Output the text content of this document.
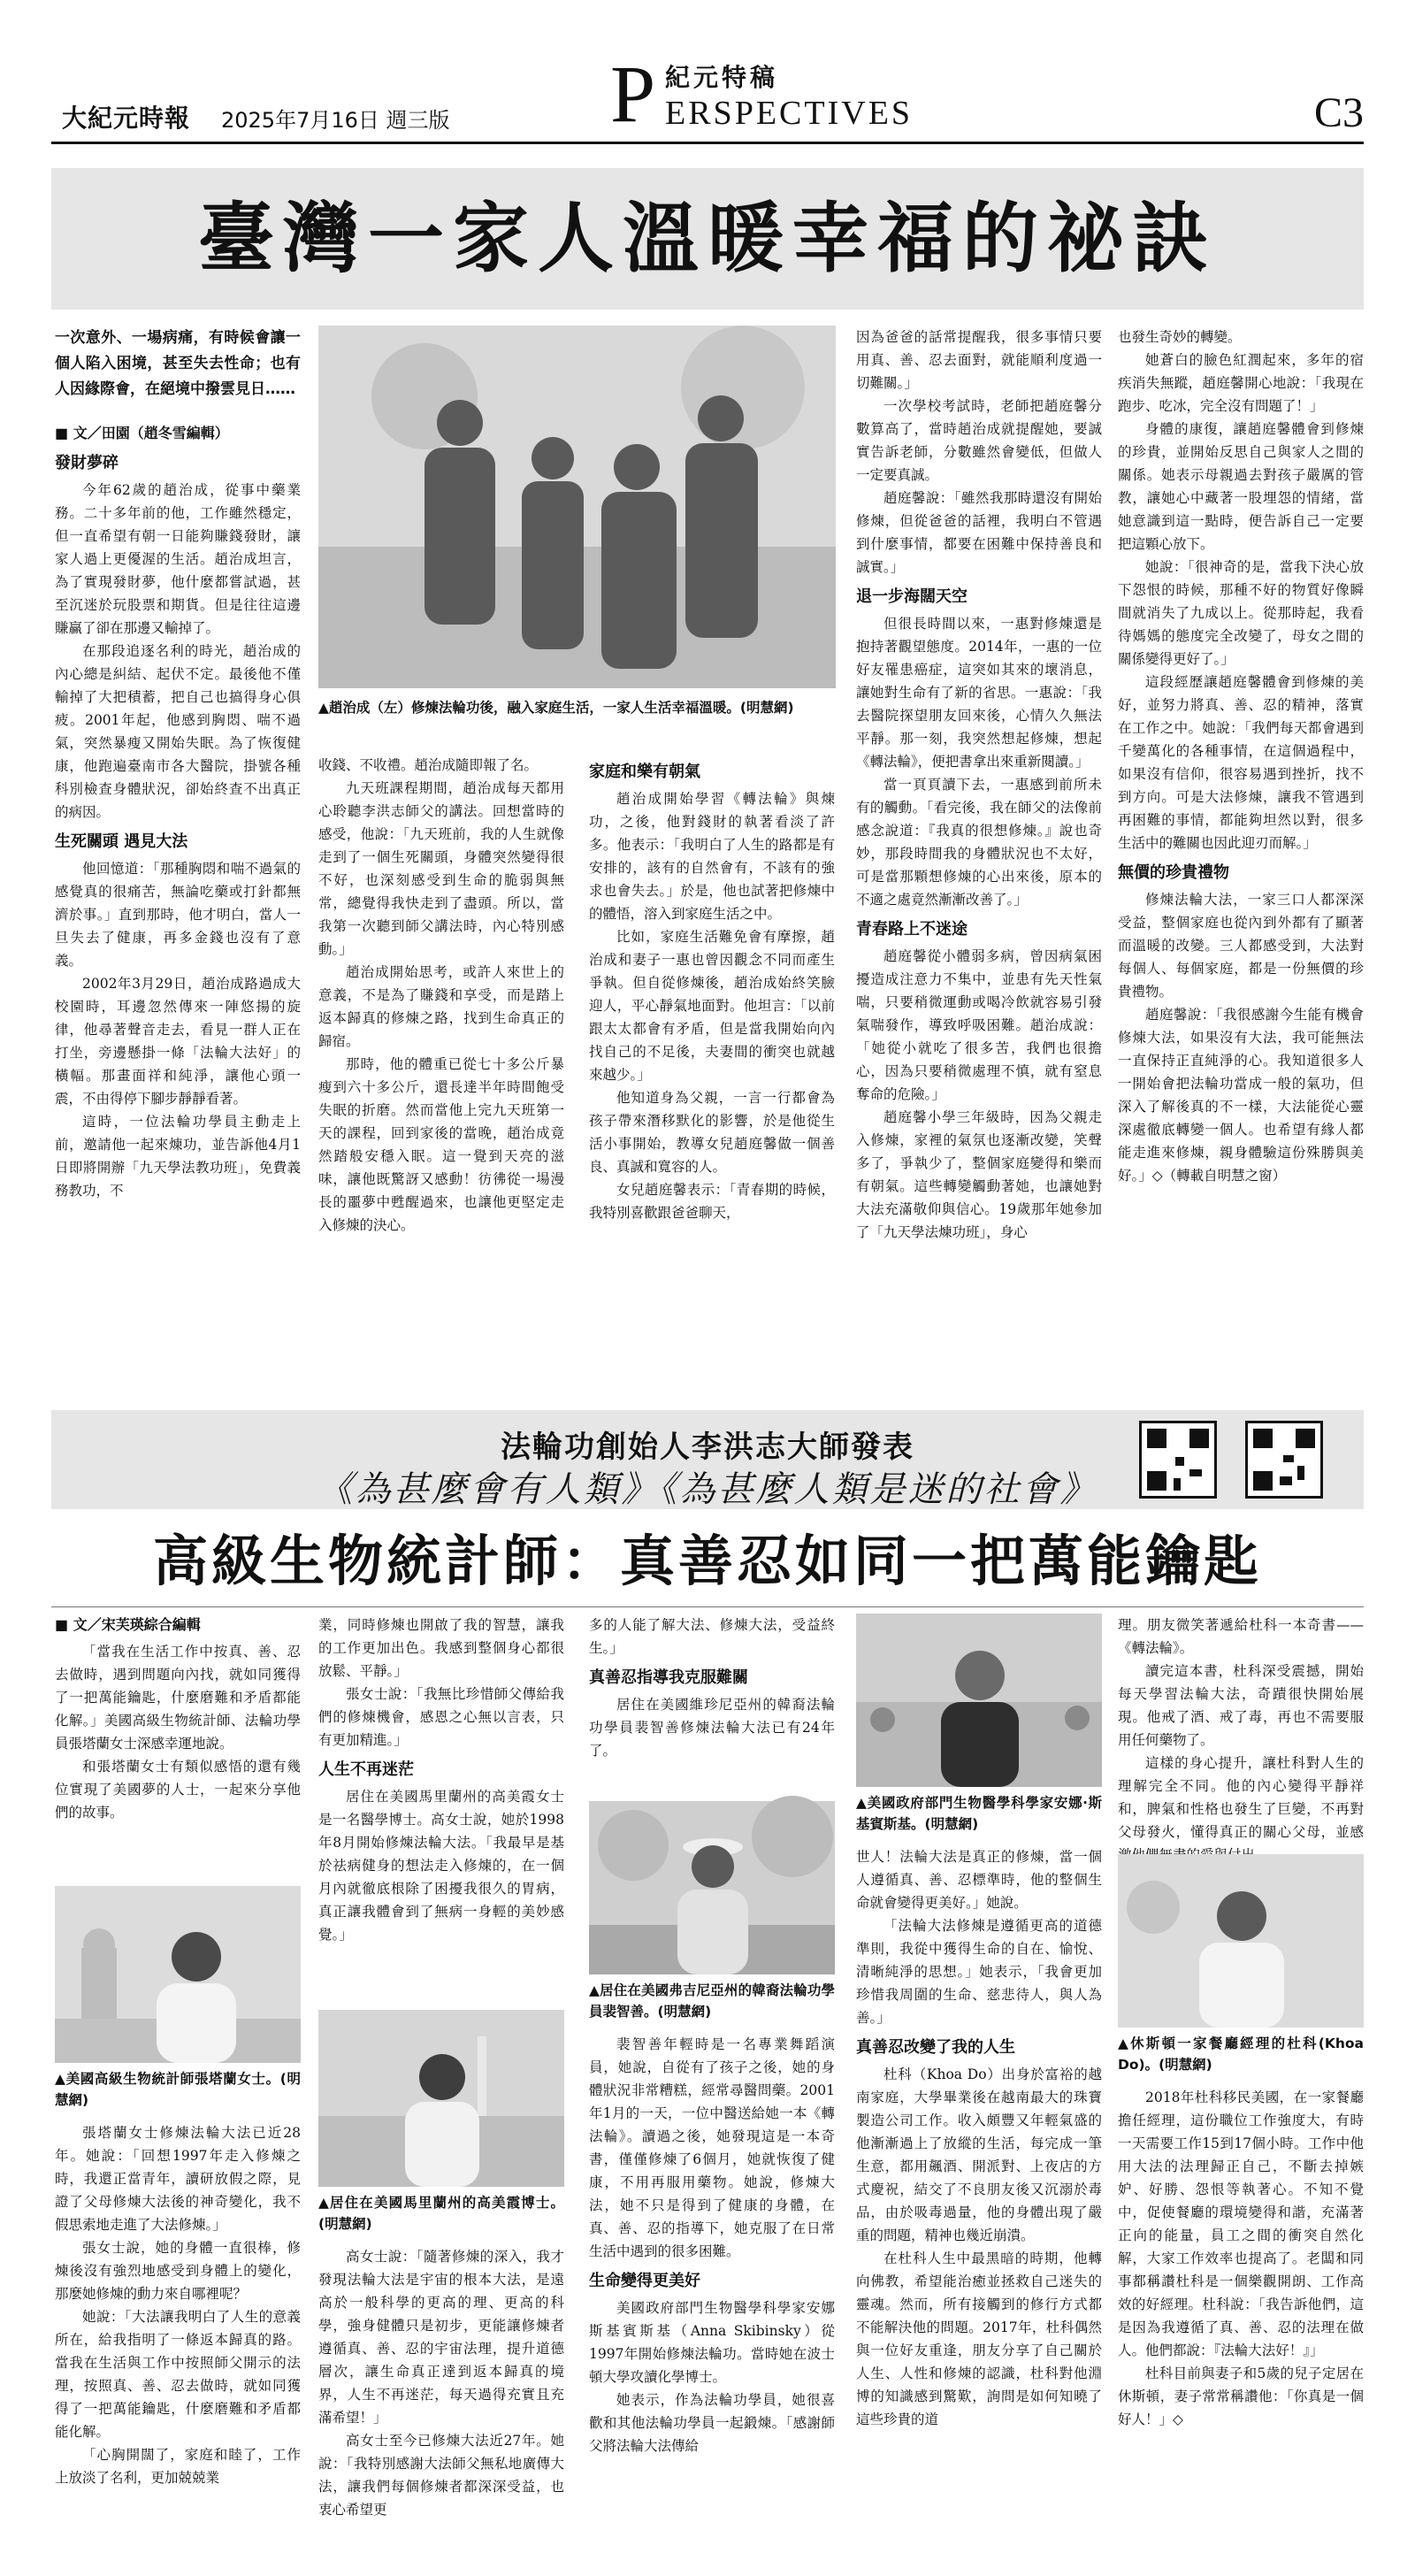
大紀元時報 2025年7月16日 週三版 P 紀元特稿
ERSPECTIVES	C3
臺灣一家人溫暖幸福的祕訣
一次意外、一場病痛，有時候會讓一個人陷入困境，甚至失去性命；也有人因緣際會，在絕境中撥雲見日……
■ 文／田園（趙冬雪編輯）
發財夢碎

今年62歲的趙治成，從事中藥業務。二十多年前的他，工作雖然穩定，但一直希望有朝一日能夠賺錢發財，讓家人過上更優渥的生活。趙治成坦言，為了實現發財夢，他什麼都嘗試過，甚至沉迷於玩股票和期貨。但是往往這邊賺贏了卻在那邊又輸掉了。

在那段追逐名利的時光，趙治成的內心總是糾結、起伏不定。最後他不僅輸掉了大把積蓄，把自己也搞得身心俱疲。2001年起，他感到胸悶、喘不過氣，突然暴瘦又開始失眠。為了恢復健康，他跑遍臺南市各大醫院，掛號各種科別檢查身體狀況，卻始終查不出真正的病因。

生死關頭 遇見大法

他回憶道：「那種胸悶和喘不過氣的感覺真的很痛苦，無論吃藥或打針都無濟於事。」直到那時，他才明白，當人一旦失去了健康，再多金錢也沒有了意義。

2002年3月29日，趙治成路過成大校園時，耳邊忽然傳來一陣悠揚的旋律，他尋著聲音走去，看見一群人正在打坐，旁邊懸掛一條「法輪大法好」的橫幅。那畫面祥和純淨，讓他心頭一震，不由得停下腳步靜靜看著。

這時，一位法輪功學員主動走上前，邀請他一起來煉功，並告訴他4月1日即將開辦「九天學法教功班」，免費義務教功，不

▲趙治成（左）修煉法輪功後，融入家庭生活，一家人生活幸福溫暖。(明慧網)

收錢、不收禮。趙治成隨即報了名。

九天班課程期間，趙治成每天都用心聆聽李洪志師父的講法。回想當時的感受，他說：「九天班前，我的人生就像走到了一個生死關頭，身體突然變得很不好，也深刻感受到生命的脆弱與無常，總覺得我快走到了盡頭。所以，當我第一次聽到師父講法時，內心特別感動。」

趙治成開始思考，或許人來世上的意義，不是為了賺錢和享受，而是踏上返本歸真的修煉之路，找到生命真正的歸宿。

那時，他的體重已從七十多公斤暴瘦到六十多公斤，還長達半年時間飽受失眠的折磨。然而當他上完九天班第一天的課程，回到家後的當晚，趙治成竟然踏般安穩入眠。這一覺到天亮的滋味，讓他既驚訝又感動！彷彿從一場漫長的噩夢中甦醒過來，也讓他更堅定走入修煉的決心。

家庭和樂有朝氣

趙治成開始學習《轉法輪》與煉功，之後，他對錢財的執著看淡了許多。他表示：「我明白了人生的路都是有安排的，該有的自然會有，不該有的強求也會失去。」於是，他也試著把修煉中的體悟，溶入到家庭生活之中。

比如，家庭生活難免會有摩擦，趙治成和妻子一惠也曾因觀念不同而產生爭執。但自從修煉後，趙治成始終笑臉迎人，平心靜氣地面對。他坦言：「以前跟太太都會有矛盾，但是當我開始向內找自己的不足後，夫妻間的衝突也就越來越少。」

他知道身為父親，一言一行都會為孩子帶來潛移默化的影響，於是他從生活小事開始，教導女兒趙庭馨做一個善良、真誠和寬容的人。

女兒趙庭馨表示：「青春期的時候，我特別喜歡跟爸爸聊天，

因為爸爸的話常提醒我，很多事情只要用真、善、忍去面對，就能順利度過一切難關。」

一次學校考試時，老師把趙庭馨分數算高了，當時趙治成就提醒她，要誠實告訴老師，分數雖然會變低，但做人一定要真誠。

趙庭馨說：「雖然我那時還沒有開始修煉，但從爸爸的話裡，我明白不管遇到什麼事情，都要在困難中保持善良和誠實。」

退一步海闊天空

但很長時間以來，一惠對修煉還是抱持著觀望態度。2014年，一惠的一位好友罹患癌症，這突如其來的壞消息，讓她對生命有了新的省思。一惠說：「我去醫院探望朋友回來後，心情久久無法平靜。那一刻，我突然想起修煉，想起《轉法輪》，便把書拿出來重新閱讀。」

當一頁頁讀下去，一惠感到前所未有的觸動。「看完後，我在師父的法像前感念說道：『我真的很想修煉。』說也奇妙，那段時間我的身體狀況也不太好，可是當那顆想修煉的心出來後，原本的不適之處竟然漸漸改善了。」

青春路上不迷途

趙庭馨從小體弱多病，曾因病氣困擾造成注意力不集中，並患有先天性氣喘，只要稍微運動或喝冷飲就容易引發氣喘發作，導致呼吸困難。趙治成說：「她從小就吃了很多苦，我們也很擔心，因為只要稍微處理不慎，就有窒息奪命的危險。」

趙庭馨小學三年級時，因為父親走入修煉，家裡的氣氛也逐漸改變，笑聲多了，爭執少了，整個家庭變得和樂而有朝氣。這些轉變觸動著她，也讓她對大法充滿敬仰與信心。19歲那年她參加了「九天學法煉功班」，身心

也發生奇妙的轉變。

她蒼白的臉色紅潤起來，多年的宿疾消失無蹤，趙庭馨開心地說：「我現在跑步、吃冰，完全沒有問題了！」

身體的康復，讓趙庭馨體會到修煉的珍貴，並開始反思自己與家人之間的關係。她表示母親過去對孩子嚴厲的管教，讓她心中藏著一股埋怨的情緒，當她意識到這一點時，便告訴自己一定要把這顆心放下。

她說：「很神奇的是，當我下決心放下怨恨的時候，那種不好的物質好像瞬間就消失了九成以上。從那時起，我看待媽媽的態度完全改變了，母女之間的關係變得更好了。」

這段經歷讓趙庭馨體會到修煉的美好，並努力將真、善、忍的精神，落實在工作之中。她說：「我們每天都會遇到千變萬化的各種事情，在這個過程中，如果沒有信仰，很容易遇到挫折，找不到方向。可是大法修煉，讓我不管遇到再困難的事情，都能夠坦然以對，很多生活中的難關也因此迎刃而解。」

無價的珍貴禮物

修煉法輪大法，一家三口人都深深受益，整個家庭也從內到外都有了顯著而溫暖的改變。三人都感受到，大法對每個人、每個家庭，都是一份無價的珍貴禮物。

趙庭馨說：「我很感謝今生能有機會修煉大法，如果沒有大法，我可能無法一直保持正直純淨的心。我知道很多人一開始會把法輪功當成一般的氣功，但深入了解後真的不一樣，大法能從心靈深處徹底轉變一個人。也希望有緣人都能走進來修煉，親身體驗這份殊勝與美好。」◇（轉載自明慧之窗）

法輪功創始人李洪志大師發表
《為甚麼會有人類》《為甚麼人類是迷的社會》
高級生物統計師：真善忍如同一把萬能鑰匙
■ 文／宋芙瑛綜合編輯

「當我在生活工作中按真、善、忍去做時，遇到問題向內找，就如同獲得了一把萬能鑰匙，什麼磨難和矛盾都能化解。」美國高級生物統計師、法輪功學員張塔蘭女士深感幸運地說。

和張塔蘭女士有類似感悟的還有幾位實現了美國夢的人士，一起來分享他們的故事。

▲美國高級生物統計師張塔蘭女士。(明慧網)

張塔蘭女士修煉法輪大法已近28年。她說：「回想1997年走入修煉之時，我還正當青年，讀研放假之際，見證了父母修煉大法後的神奇變化，我不假思索地走進了大法修煉。」

張女士說，她的身體一直很棒，修煉後沒有強烈地感受到身體上的變化，那麼她修煉的動力來自哪裡呢？

她說：「大法讓我明白了人生的意義所在，給我指明了一條返本歸真的路。當我在生活與工作中按照師父開示的法理，按照真、善、忍去做時，就如同獲得了一把萬能鑰匙，什麼磨難和矛盾都能化解。

「心胸開闊了，家庭和睦了，工作上放淡了名利，更加兢兢業

業，同時修煉也開啟了我的智慧，讓我的工作更加出色。我感到整個身心都很放鬆、平靜。」

張女士說：「我無比珍惜師父傳給我們的修煉機會，感恩之心無以言表，只有更加精進。」

人生不再迷茫

居住在美國馬里蘭州的高美霞女士是一名醫學博士。高女士說，她於1998年8月開始修煉法輪大法。「我最早是基於祛病健身的想法走入修煉的，在一個月內就徹底根除了困擾我很久的胃病，真正讓我體會到了無病一身輕的美妙感覺。」

▲居住在美國馬里蘭州的高美霞博士。(明慧網)

高女士說：「隨著修煉的深入，我才發現法輪大法是宇宙的根本大法，是遠高於一般科學的更高的理、更高的科學，強身健體只是初步，更能讓修煉者遵循真、善、忍的宇宙法理，提升道德層次，讓生命真正達到返本歸真的境界，人生不再迷茫，每天過得充實且充滿希望！」

高女士至今已修煉大法近27年。她說：「我特別感謝大法師父無私地廣傳大法，讓我們每個修煉者都深深受益，也衷心希望更

多的人能了解大法、修煉大法，受益終生。」

真善忍指導我克服難關

居住在美國維珍尼亞州的韓裔法輪功學員裴智善修煉法輪大法已有24年了。

▲居住在美國弗吉尼亞州的韓裔法輪功學員裴智善。(明慧網)

裴智善年輕時是一名專業舞蹈演員，她說，自從有了孩子之後，她的身體狀況非常糟糕，經常尋醫問藥。2001年1月的一天，一位中醫送給她一本《轉法輪》。讀過之後，她發現這是一本奇書，僅僅修煉了6個月，她就恢復了健康，不用再服用藥物。她說，修煉大法，她不只是得到了健康的身體，在真、善、忍的指導下，她克服了在日常生活中遇到的很多困難。

生命變得更美好

美國政府部門生物醫學科學家安娜斯基賓斯基（Anna Skibinsky）從1997年開始修煉法輪功。當時她在波士頓大學攻讀化學博士。

她表示，作為法輪功學員，她很喜歡和其他法輪功學員一起鍛煉。「感謝師父將法輪大法傳給

▲美國政府部門生物醫學科學家安娜‧斯基賓斯基。(明慧網)

世人！法輪大法是真正的修煉，當一個人遵循真、善、忍標準時，他的整個生命就會變得更美好。」她說。

「法輪大法修煉是遵循更高的道德準則，我從中獲得生命的自在、愉悅、清晰純淨的思想。」她表示，「我會更加珍惜我周圍的生命、慈悲待人，與人為善。」

真善忍改變了我的人生

杜科（Khoa Do）出身於富裕的越南家庭，大學畢業後在越南最大的珠寶製造公司工作。收入頗豐又年輕氣盛的他漸漸過上了放縱的生活，每完成一筆生意，都用飆酒、開派對、上夜店的方式慶祝，結交了不良朋友後又沉溺於毒品，由於吸毒過量，他的身體出現了嚴重的問題，精神也幾近崩潰。

在杜科人生中最黑暗的時期，他轉向佛教，希望能治癒並拯救自己迷失的靈魂。然而，所有接觸到的修行方式都不能解決他的問題。2017年，杜科偶然與一位好友重逢，朋友分享了自己關於人生、人性和修煉的認識，杜科對他淵博的知識感到驚歎，詢問是如何知曉了這些珍貴的道

理。朋友微笑著遞給杜科一本奇書——《轉法輪》。

讀完這本書，杜科深受震撼，開始每天學習法輪大法，奇蹟很快開始展現。他戒了酒、戒了毒，再也不需要服用任何藥物了。

這樣的身心提升，讓杜科對人生的理解完全不同。他的內心變得平靜祥和，脾氣和性格也發生了巨變，不再對父母發火，懂得真正的關心父母，並感

▲休斯頓一家餐廳經理的杜科(Khoa Do)。(明慧網)

2018年杜科移民美國，在一家餐廳擔任經理，這份職位工作強度大，有時一天需要工作15到17個小時。工作中他用大法的法理歸正自己，不斷去掉嫉妒、好勝、怨恨等執著心。不知不覺中，促使餐廳的環境變得和諧，充滿著正向的能量，員工之間的衝突自然化解，大家工作效率也提高了。老闆和同事都稱讚杜科是一個樂觀開朗、工作高效的好經理。杜科說：「我告訴他們，這是因為我遵循了真、善、忍的法理在做人。他們都說：『法輪大法好！』」

杜科目前與妻子和5歲的兒子定居在休斯頓，妻子常常稱讚他：「你真是一個好人！」◇
